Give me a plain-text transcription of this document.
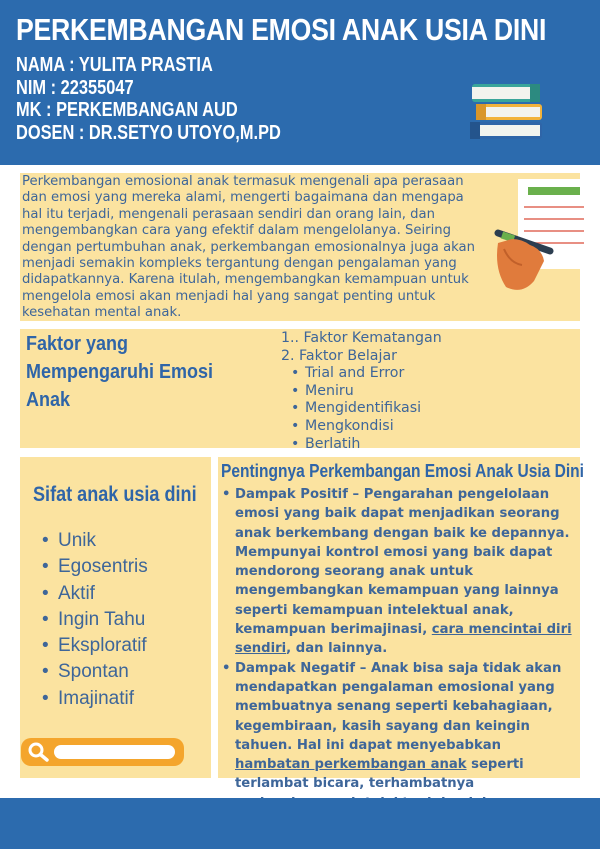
PERKEMBANGAN EMOSI ANAK USIA DINI
NAMA : YULITA PRASTIA
NIM : 22355047
MK : PERKEMBANGAN AUD
DOSEN : DR.SETYO UTOYO,M.PD
Perkembangan emosional anak termasuk mengenali apa perasaan dan emosi yang mereka alami, mengerti bagaimana dan mengapa hal itu terjadi, mengenali perasaan sendiri dan orang lain, dan mengembangkan cara yang efektif dalam mengelolanya. Seiring dengan pertumbuhan anak, perkembangan emosionalnya juga akan menjadi semakin kompleks tergantung dengan pengalaman yang didapatkannya. Karena itulah, mengembangkan kemampuan untuk mengelola emosi akan menjadi hal yang sangat penting untuk kesehatan mental anak.
Faktor yang Mempengaruhi Emosi Anak
1.. Faktor Kematangan
2. Faktor Belajar
• Trial and Error
• Meniru
• Mengidentifikasi
• Mengkondisi
• Berlatih
Sifat anak usia dini
• Unik
• Egosentris
• Aktif
• Ingin Tahu
• Eksploratif
• Spontan
• Imajinatif
Pentingnya Perkembangan Emosi Anak Usia Dini
• Dampak Positif – Pengarahan pengelolaan emosi yang baik dapat menjadikan seorang anak berkembang dengan baik ke depannya. Mempunyai kontrol emosi yang baik dapat mendorong seorang anak untuk mengembangkan kemampuan yang lainnya seperti kemampuan intelektual anak, kemampuan berimajinasi, cara mencintai diri sendiri, dan lainnya.
• Dampak Negatif – Anak bisa saja tidak akan mendapatkan pengalaman emosional yang membuatnya senang seperti kebahagiaan, kegembiraan, kasih sayang dan keingin tahuen. Hal ini dapat menyebabkan hambatan perkembangan anak seperti terlambat bicara, terhambatnya
